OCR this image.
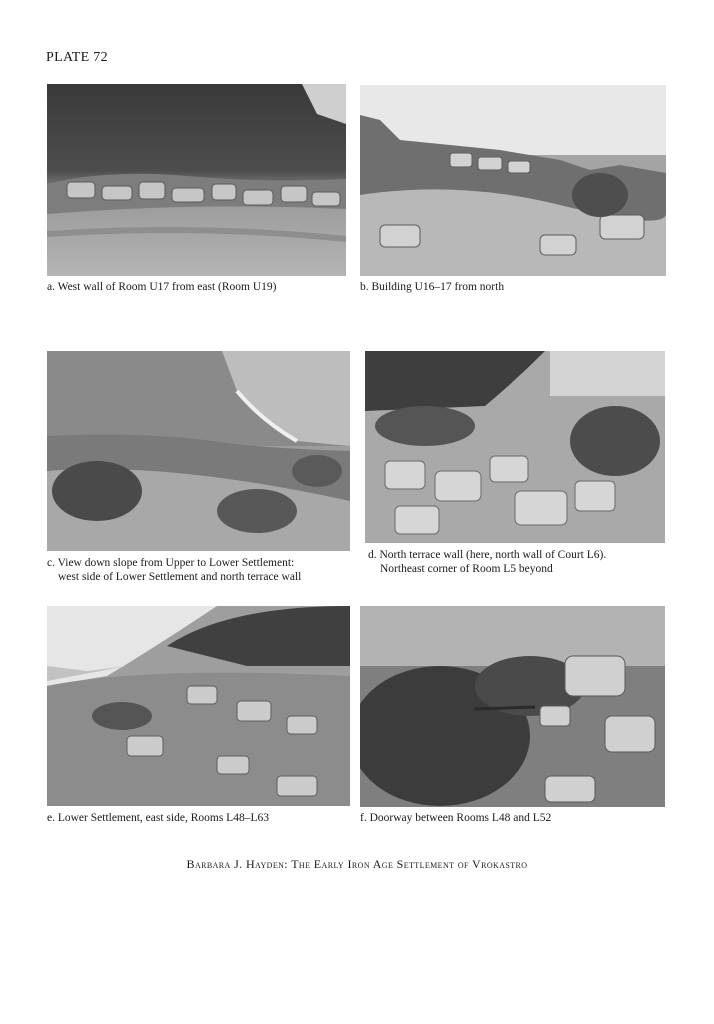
PLATE 72
a. West wall of Room U17 from east (Room U19)	b. Building U16–17 from north
c. View down slope from Upper to Lower Settlement:
west side of Lower Settlement and north terrace wall
d. North terrace wall (here, north wall of Court L6).
Northeast corner of Room L5 beyond
e. Lower Settlement, east side, Rooms L48–L63	f. Doorway between Rooms L48 and L52
Barbara J. Hayden: The Early Iron Age Settlement of Vrokastro
